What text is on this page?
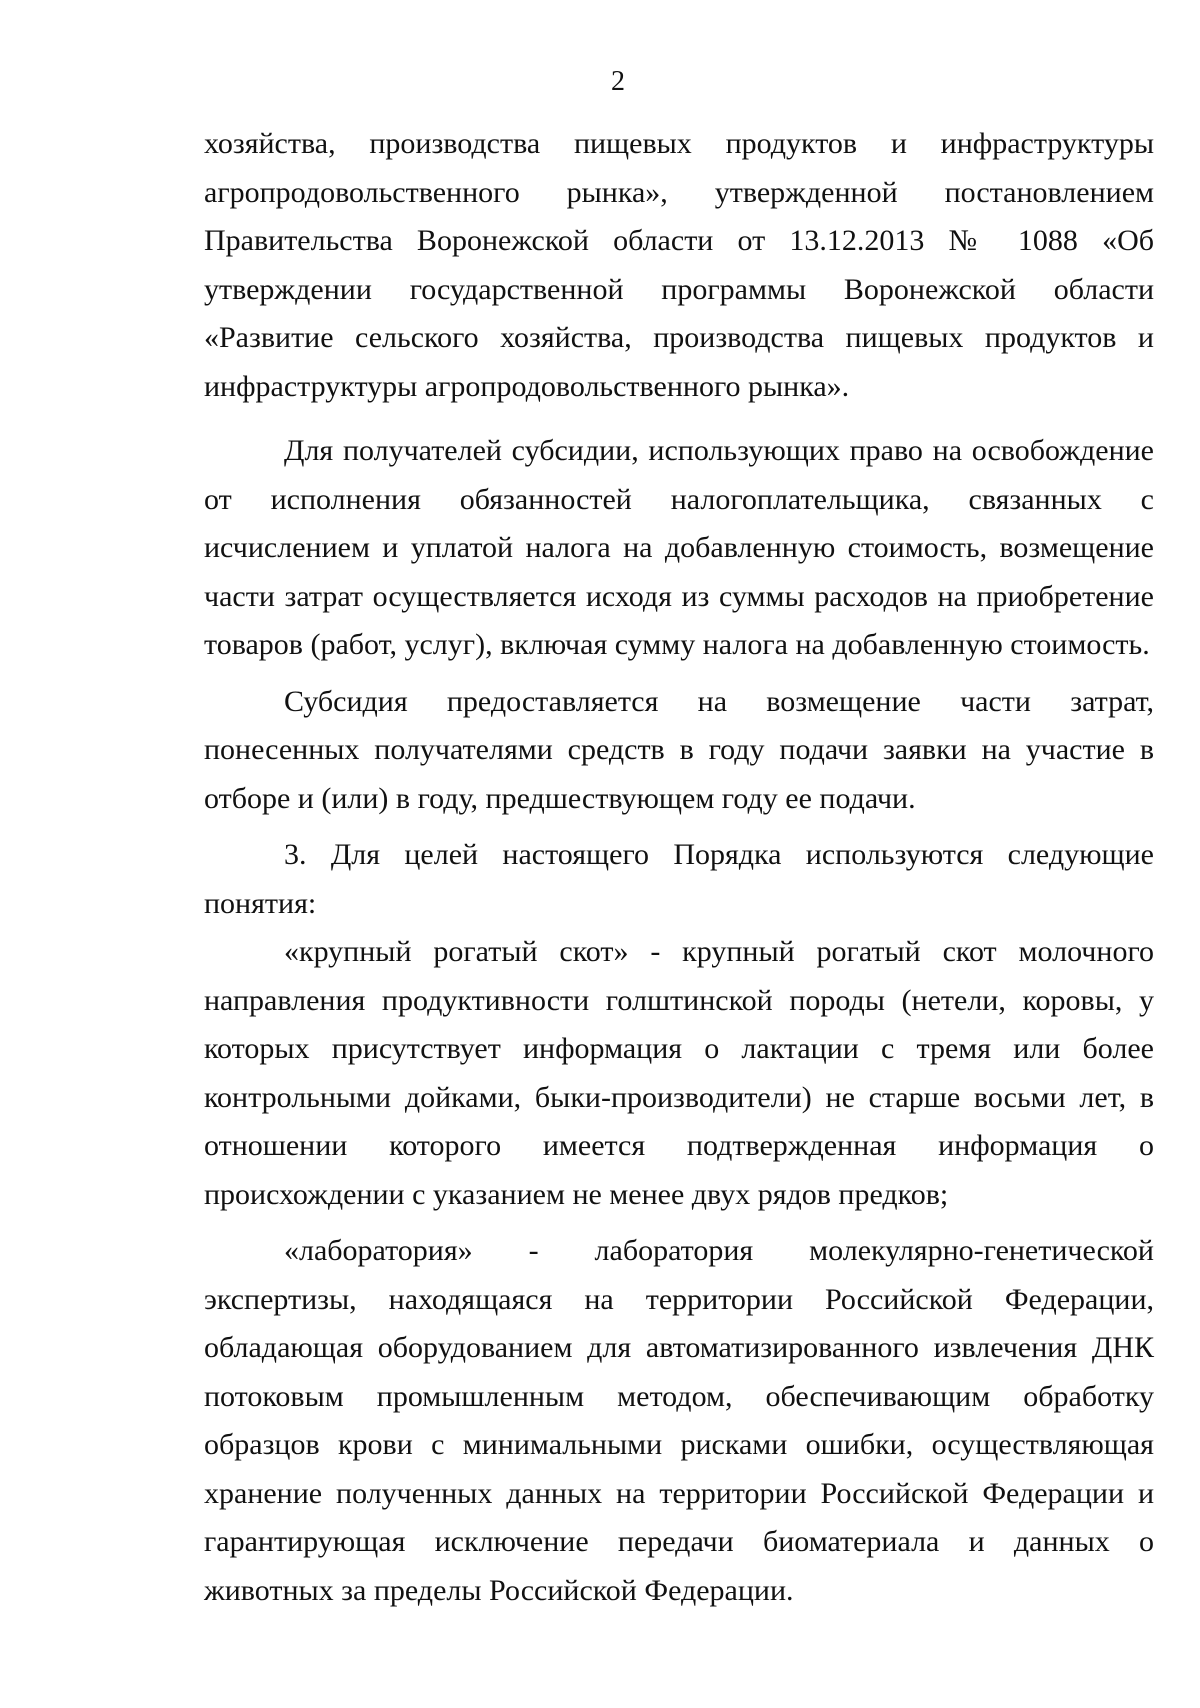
2

хозяйства, производства пищевых продуктов и инфраструктуры агропродовольственного рынка», утвержденной постановлением Правительства Воронежской области от 13.12.2013 № 1088 «Об утверждении государственной программы Воронежской области «Развитие сельского хозяйства, производства пищевых продуктов и инфраструктуры агропродовольственного рынка».

Для получателей субсидии, использующих право на освобождение от исполнения обязанностей налогоплательщика, связанных с исчислением и уплатой налога на добавленную стоимость, возмещение части затрат осуществляется исходя из суммы расходов на приобретение товаров (работ, услуг), включая сумму налога на добавленную стоимость.

Субсидия предоставляется на возмещение части затрат, понесенных получателями средств в году подачи заявки на участие в отборе и (или) в году, предшествующем году ее подачи.

3. Для целей настоящего Порядка используются следующие понятия:

«крупный рогатый скот» - крупный рогатый скот молочного направления продуктивности голштинской породы (нетели, коровы, у которых присутствует информация о лактации с тремя или более контрольными дойками, быки-производители) не старше восьми лет, в отношении которого имеется подтвержденная информация о происхождении с указанием не менее двух рядов предков;

«лаборатория» - лаборатория молекулярно-генетической экспертизы, находящаяся на территории Российской Федерации, обладающая оборудованием для автоматизированного извлечения ДНК потоковым промышленным методом, обеспечивающим обработку образцов крови с минимальными рисками ошибки, осуществляющая хранение полученных данных на территории Российской Федерации и гарантирующая исключение передачи биоматериала и данных о животных за пределы Российской Федерации.
